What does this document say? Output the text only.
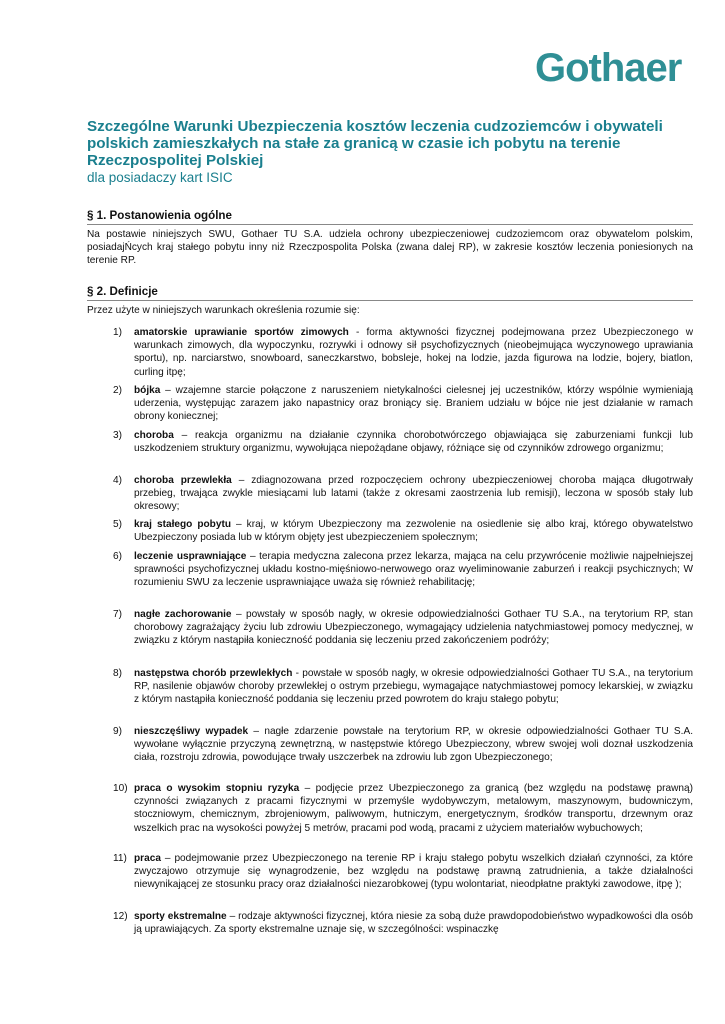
Gothaer
Szczególne Warunki Ubezpieczenia kosztów leczenia cudzoziemców i obywateli polskich zamieszkałych na stałe za granicą w czasie ich pobytu na terenie Rzeczpospolitej Polskiej
dla posiadaczy kart ISIC
§ 1. Postanowienia ogólne
Na postawie niniejszych SWU, Gothaer TU S.A. udziela ochrony ubezpieczeniowej cudzoziemcom oraz obywatelom polskim, posiadajŃcych kraj stałego pobytu inny niż Rzeczpospolita Polska (zwana dalej RP), w zakresie kosztów leczenia poniesionych na terenie RP.
§ 2. Definicje
Przez użyte w niniejszych warunkach określenia rozumie się:
1) amatorskie uprawianie sportów zimowych - forma aktywności fizycznej podejmowana przez Ubezpieczonego w warunkach zimowych, dla wypoczynku, rozrywki i odnowy sił psychofizycznych (nieobejmująca wyczynowego uprawiania sportu), np. narciarstwo, snowboard, saneczkarstwo, bobsleje, hokej na lodzie, jazda figurowa na lodzie, bojery, biatlon, curling itpę;
2) bójka – wzajemne starcie połączone z naruszeniem nietykalności cielesnej jej uczestników, którzy wspólnie wymieniają uderzenia, występując zarazem jako napastnicy oraz broniący się. Braniem udziału w bójce nie jest działanie w ramach obrony koniecznej;
3) choroba – reakcja organizmu na działanie czynnika chorobotwórczego objawiająca się zaburzeniami funkcji lub uszkodzeniem struktury organizmu, wywołująca niepożądane objawy, różniące się od czynników zdrowego organizmu;
4) choroba przewlekła – zdiagnozowana przed rozpoczęciem ochrony ubezpieczeniowej choroba mająca długotrwały przebieg, trwająca zwykle miesiącami lub latami (także z okresami zaostrzenia lub remisji), leczona w sposób stały lub okresowy;
5) kraj stałego pobytu – kraj, w którym Ubezpieczony ma zezwolenie na osiedlenie się albo kraj, którego obywatelstwo Ubezpieczony posiada lub w którym objęty jest ubezpieczeniem społecznym;
6) leczenie usprawniające – terapia medyczna zalecona przez lekarza, mająca na celu przywrócenie możliwie najpełniejszej sprawności psychofizycznej układu kostno-mięśniowo-nerwowego oraz wyeliminowanie zaburzeń i reakcji psychicznych; W rozumieniu SWU za leczenie usprawniające uważa się również rehabilitację;
7) nagłe zachorowanie – powstały w sposób nagły, w okresie odpowiedzialności Gothaer TU S.A., na terytorium RP, stan chorobowy zagrażający życiu lub zdrowiu Ubezpieczonego, wymagający udzielenia natychmiastowej pomocy medycznej, w związku z którym nastąpiła konieczność poddania się leczeniu przed zakończeniem podróży;
8) następstwa chorób przewlekłych - powstałe w sposób nagły, w okresie odpowiedzialności Gothaer TU S.A., na terytorium RP, nasilenie objawów choroby przewlekłej o ostrym przebiegu, wymagające natychmiastowej pomocy lekarskiej, w związku z którym nastąpiła konieczność poddania się leczeniu przed powrotem do kraju stałego pobytu;
9) nieszczęśliwy wypadek – nagłe zdarzenie powstałe na terytorium RP, w okresie odpowiedzialności Gothaer TU S.A. wywołane wyłącznie przyczyną zewnętrzną, w następstwie którego Ubezpieczony, wbrew swojej woli doznał uszkodzenia ciała, rozstroju zdrowia, powodujące trwały uszczerbek na zdrowiu lub zgon Ubezpieczonego;
10) praca o wysokim stopniu ryzyka – podjęcie przez Ubezpieczonego za granicą (bez względu na podstawę prawną) czynności związanych z pracami fizycznymi w przemyśle wydobywczym, metalowym, maszynowym, budowniczym, stoczniowym, chemicznym, zbrojeniowym, paliwowym, hutniczym, energetycznym, środków transportu, drzewnym oraz wszelkich prac na wysokości powyżej 5 metrów, pracami pod wodą, pracami z użyciem materiałów wybuchowych;
11) praca – podejmowanie przez Ubezpieczonego na terenie RP i kraju stałego pobytu wszelkich działań czynności, za które zwyczajowo otrzymuje się wynagrodzenie, bez względu na podstawę prawną zatrudnienia, a także działalności niewynikającej ze stosunku pracy oraz działalności niezarobkowej (typu wolontariat, nieodpłatne praktyki zawodowe, itpę );
12) sporty ekstremalne – rodzaje aktywności fizycznej, która niesie za sobą duże prawdopodobieństwo wypadkowości dla osób ją uprawiających. Za sporty ekstremalne uznaje się, w szczególności: wspinaczkę
